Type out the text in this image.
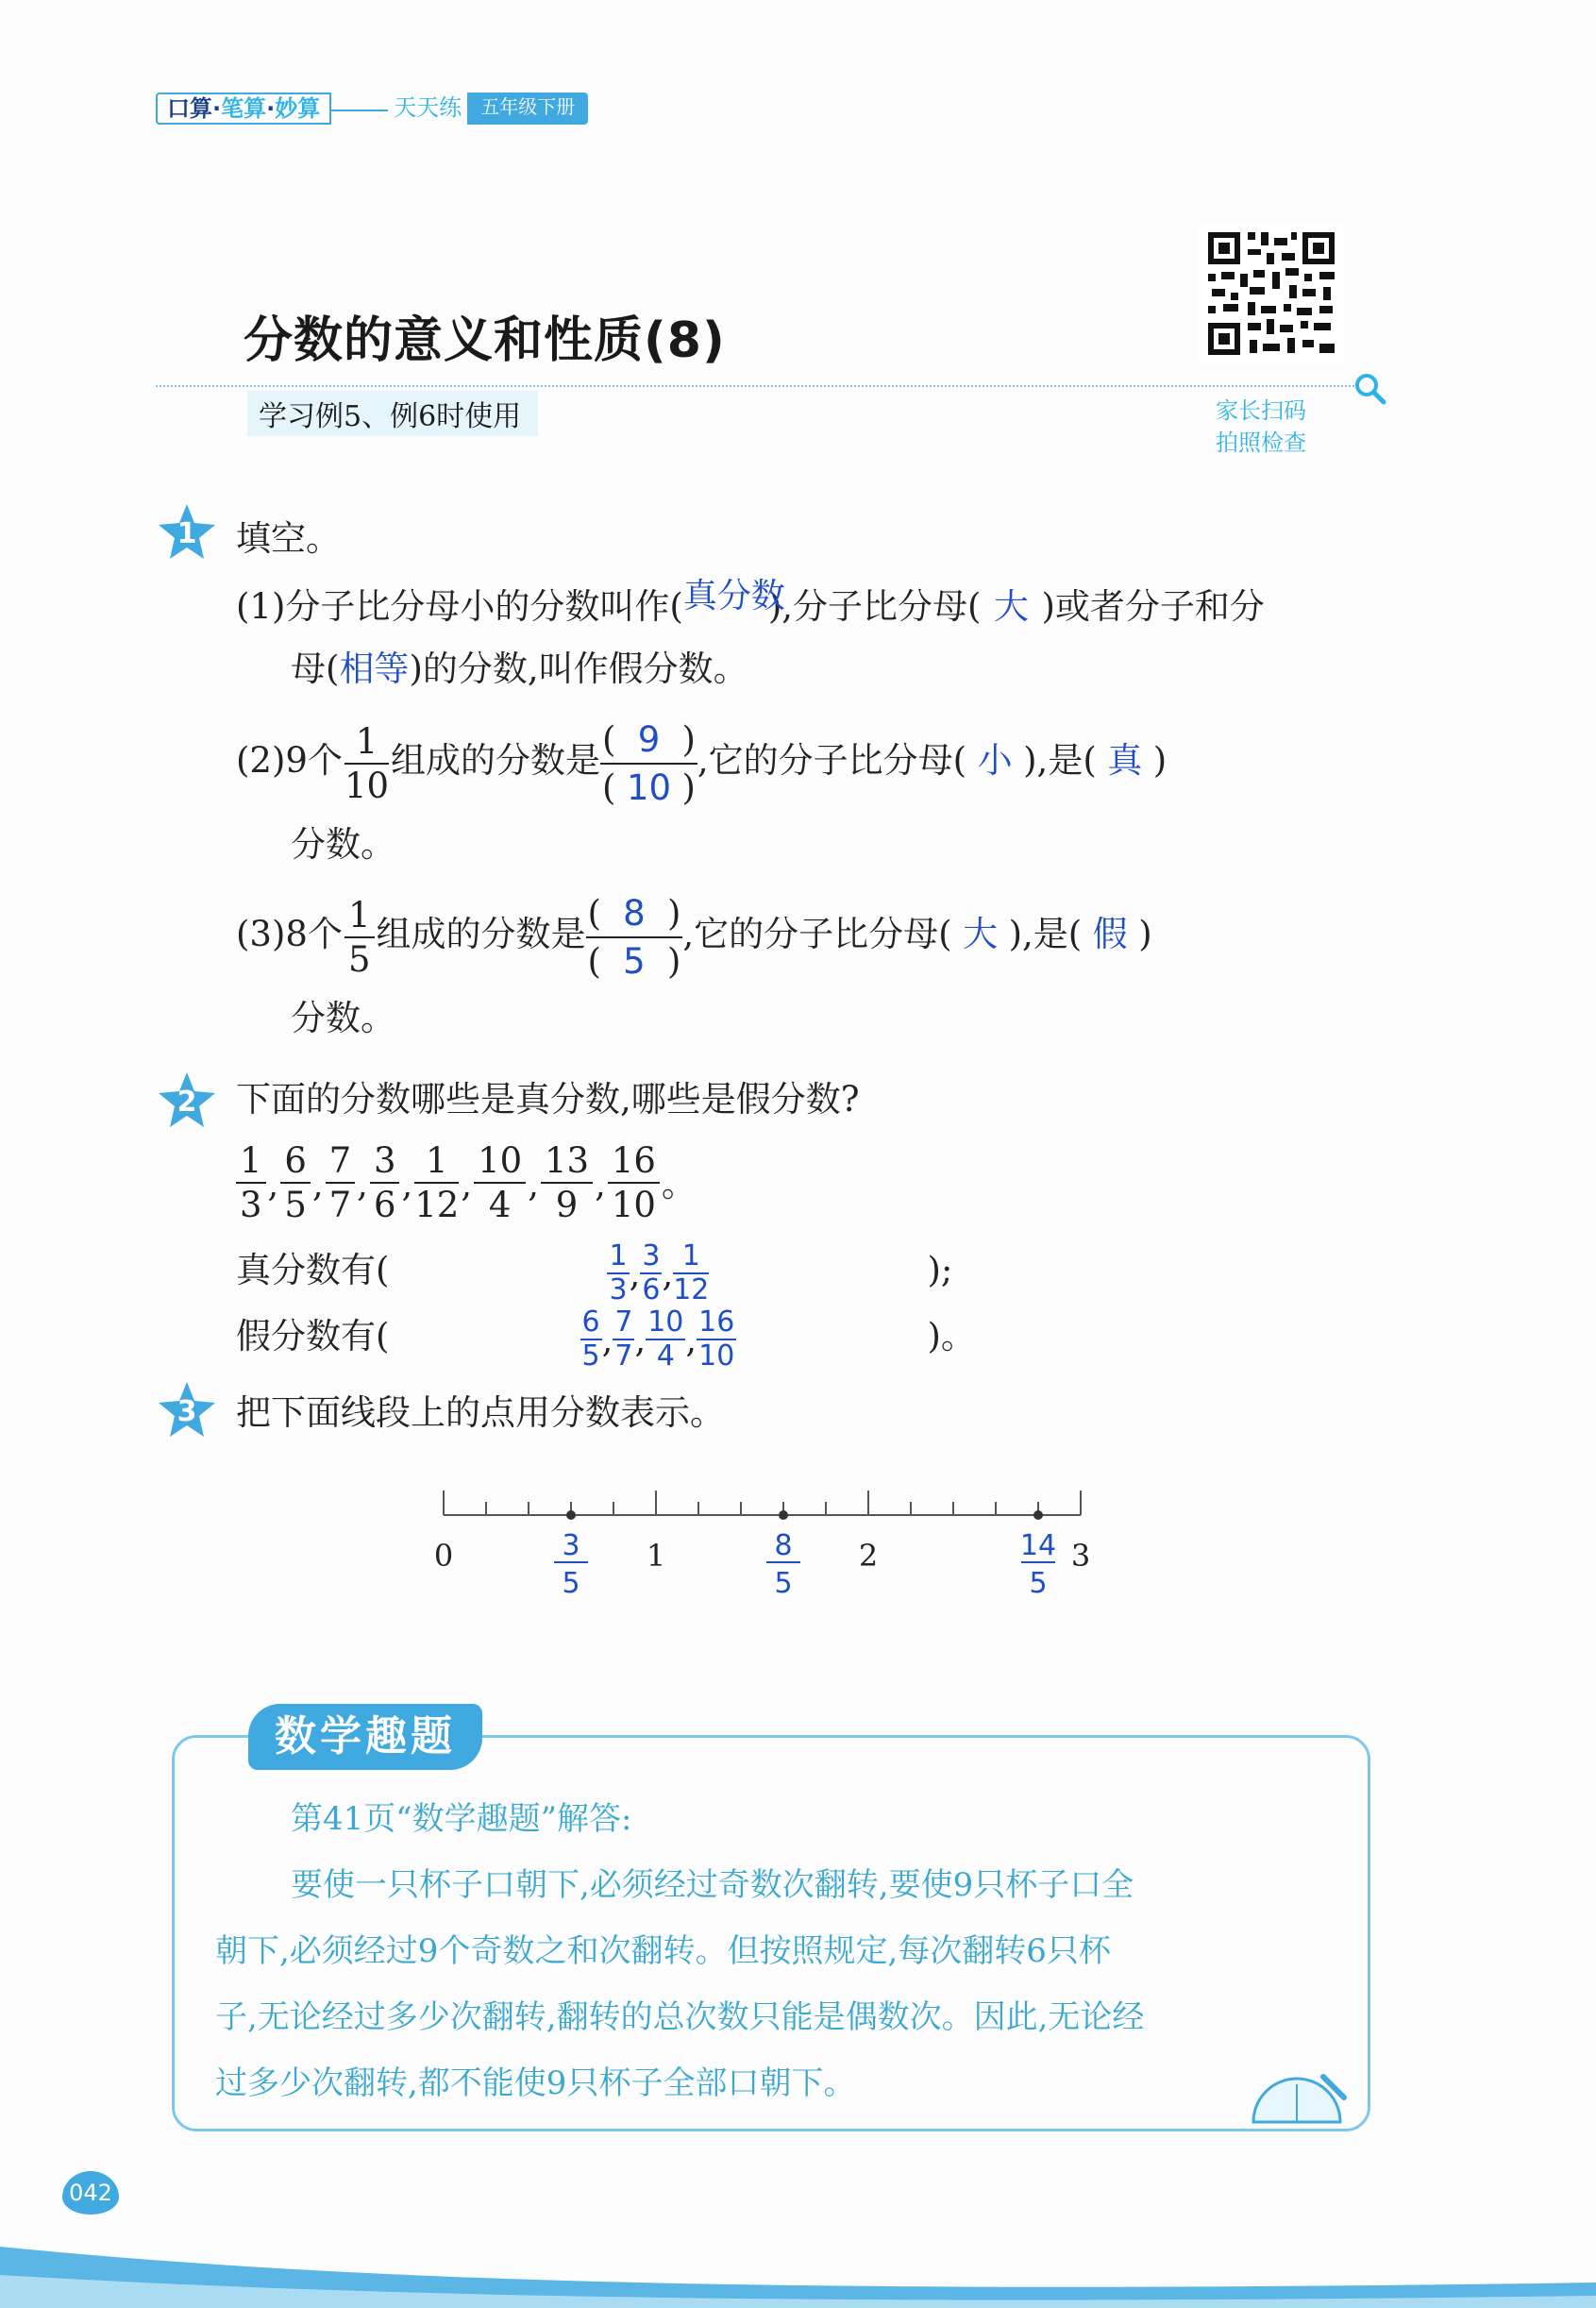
口算·笔算·妙算	天天练	五年级下册
分数的意义和性质(8)
学习例5、例6时使用	家长扫码
拍照检查
1 填空。
(1)分子比分母小的分数叫作( 真分数
),分子比分母( 大 )或者分子和分
母(相等)的分数,叫作假分数。
(2)9个 $\frac{1}{10}$ 组成的分数是 $\frac{( 9 )}{( 10 )}$ ,它的分子比分母( 小 ),是( 真 )
分数。
(3)8个 $\frac{1}{5}$ 组成的分数是 $\frac{( 8 )}{( 5 )}$ ,它的分子比分母( 大 ),是( 假 )
分数。
2 下面的分数哪些是真分数,哪些是假分数?
$\frac{1}{3}$ , $\frac{6}{5}$ , $\frac{7}{7}$ , $\frac{3}{6}$ , $\frac{1}{12}$ , $\frac{10}{4}$ , $\frac{13}{9}$ , $\frac{16}{10}$ 。
真分数有(	$\frac{1}{3}$ , $\frac{3}{6}$ , $\frac{1}{12}$	);
假分数有(	$\frac{6}{5}$ , $\frac{7}{7}$ , $\frac{10}{4}$ , $\frac{16}{10}$	)。
3 把下面线段上的点用分数表示。
0	1	2	3
3
5
8
5
14
5
数学趣题
第41页“数学趣题”解答:
要使一只杯子口朝下,必须经过奇数次翻转,要使9只杯子口全
朝下,必须经过9个奇数之和次翻转。但按照规定,每次翻转6只杯
子,无论经过多少次翻转,翻转的总次数只能是偶数次。因此,无论经
过多少次翻转,都不能使9只杯子全部口朝下。
042
